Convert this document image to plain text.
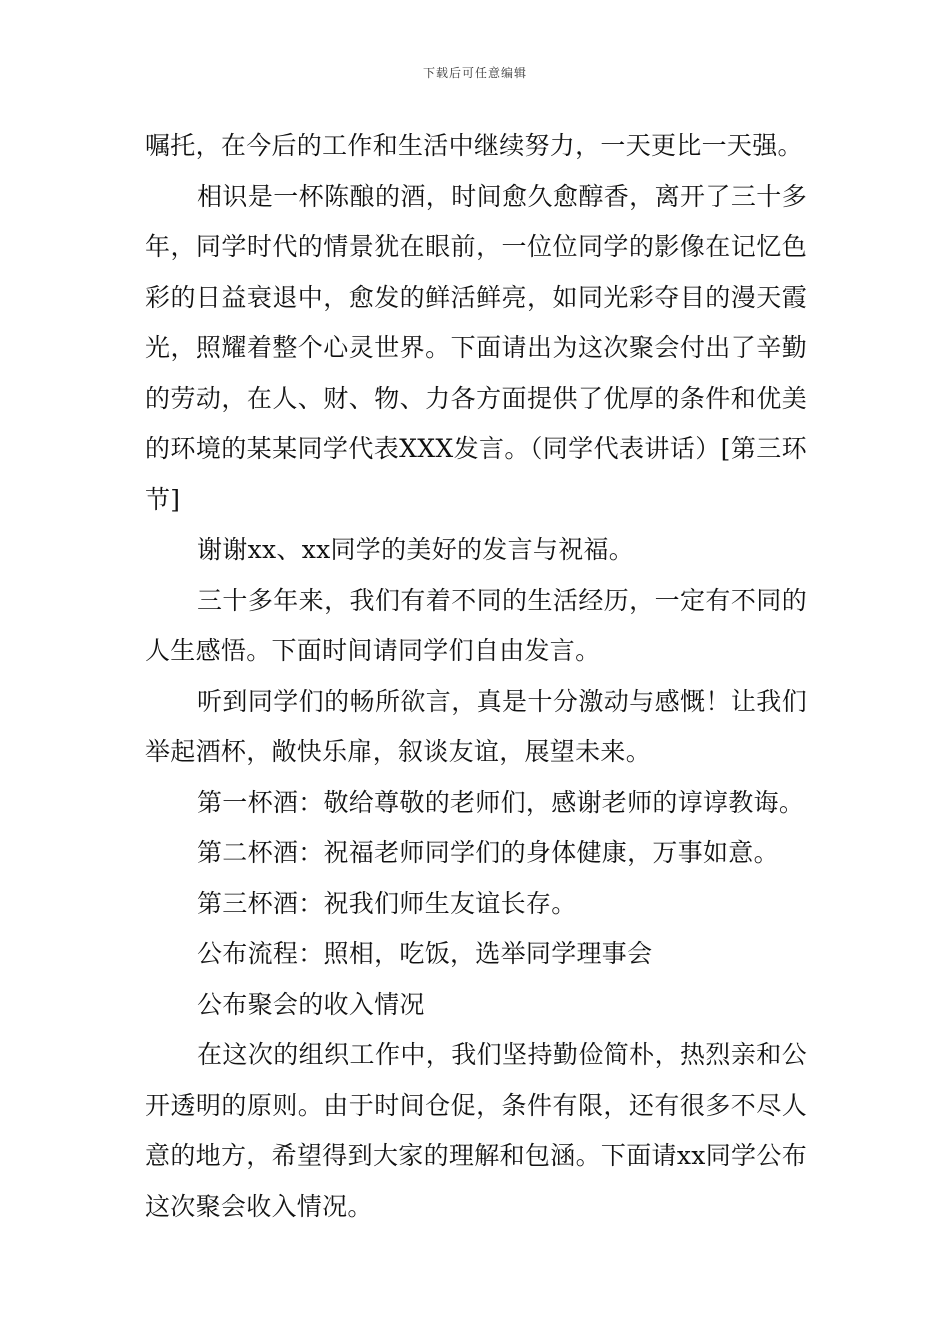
下载后可任意编辑

嘱托，在今后的工作和生活中继续努力，一天更比一天强。

相识是一杯陈酿的酒，时间愈久愈醇香，离开了三十多年，同学时代的情景犹在眼前，一位位同学的影像在记忆色彩的日益衰退中，愈发的鲜活鲜亮，如同光彩夺目的漫天霞光，照耀着整个心灵世界。下面请出为这次聚会付出了辛勤的劳动，在人、财、物、力各方面提供了优厚的条件和优美的环境的某某同学代表XXX发言。（同学代表讲话）[第三环节]

谢谢xx、xx同学的美好的发言与祝福。

三十多年来，我们有着不同的生活经历，一定有不同的人生感悟。下面时间请同学们自由发言。

听到同学们的畅所欲言，真是十分激动与感慨！让我们举起酒杯，敞快乐扉，叙谈友谊，展望未来。

第一杯酒：敬给尊敬的老师们，感谢老师的谆谆教诲。

第二杯酒：祝福老师同学们的身体健康，万事如意。

第三杯酒：祝我们师生友谊长存。

公布流程：照相，吃饭，选举同学理事会

公布聚会的收入情况

在这次的组织工作中，我们坚持勤俭简朴，热烈亲和公开透明的原则。由于时间仓促，条件有限，还有很多不尽人意的地方，希望得到大家的理解和包涵。下面请xx同学公布这次聚会收入情况。
